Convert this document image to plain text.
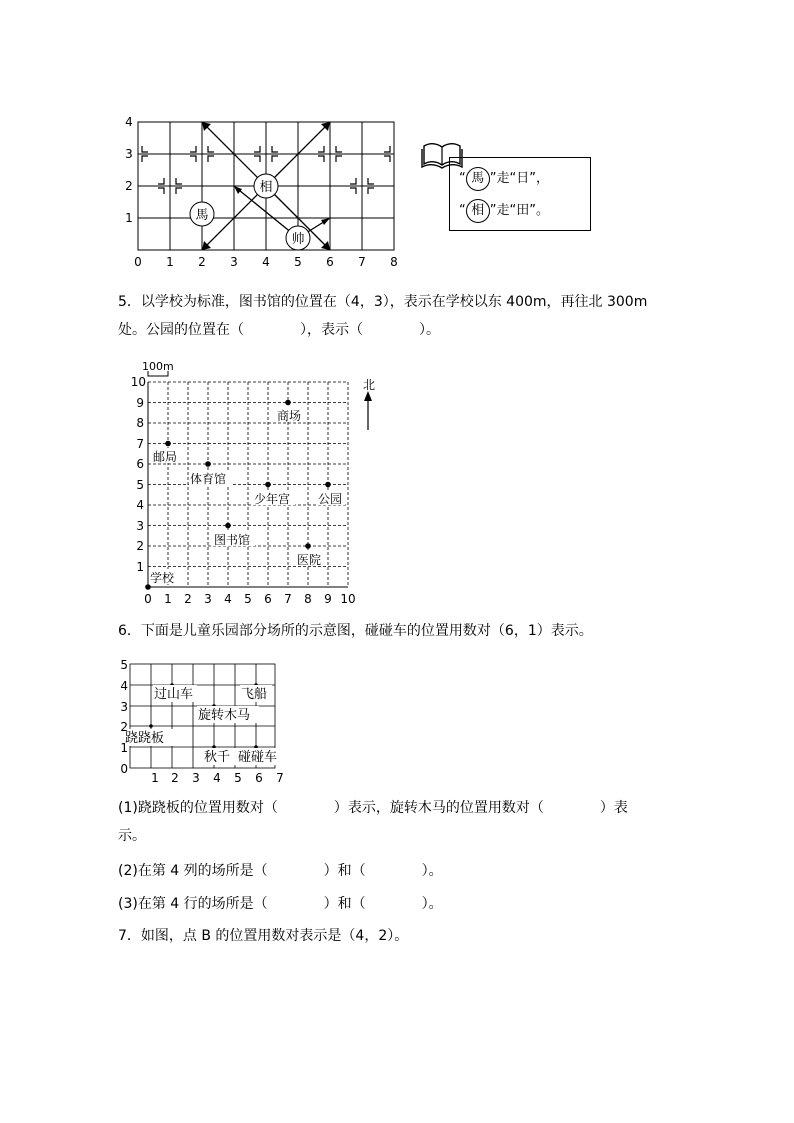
馬
相
帅
1
2
3
4
0 1 2 3 4 5 6 7 8
“ 馬 ”走“日”，
“ 相 ”走“田”。
5．以学校为标准，图书馆的位置在（4，3），表示在学校以东 400m，再往北 300m
处。公园的位置在（　　　　），表示（　　　　）。
100m
北
0 1 2 3 4 5 6 7 8 9 10
1
2
3
4
5
6
7
8
9
10
学校
邮局
体育馆
图书馆
少年宫 公园
医院
商场
6．下面是儿童乐园部分场所的示意图，碰碰车的位置用数对（6，1）表示。
过山车	飞船
旋转木马
跷跷板
秋千 碰碰车
0
1
2
3
4
5
1 2 3 4 5 6 7
(1)跷跷板的位置用数对（　　　　）表示，旋转木马的位置用数对（　　　　）表
示。
(2)在第 4 列的场所是（　　　　）和（　　　　）。
(3)在第 4 行的场所是（　　　　）和（　　　　）。
7．如图，点 B 的位置用数对表示是（4，2）。
